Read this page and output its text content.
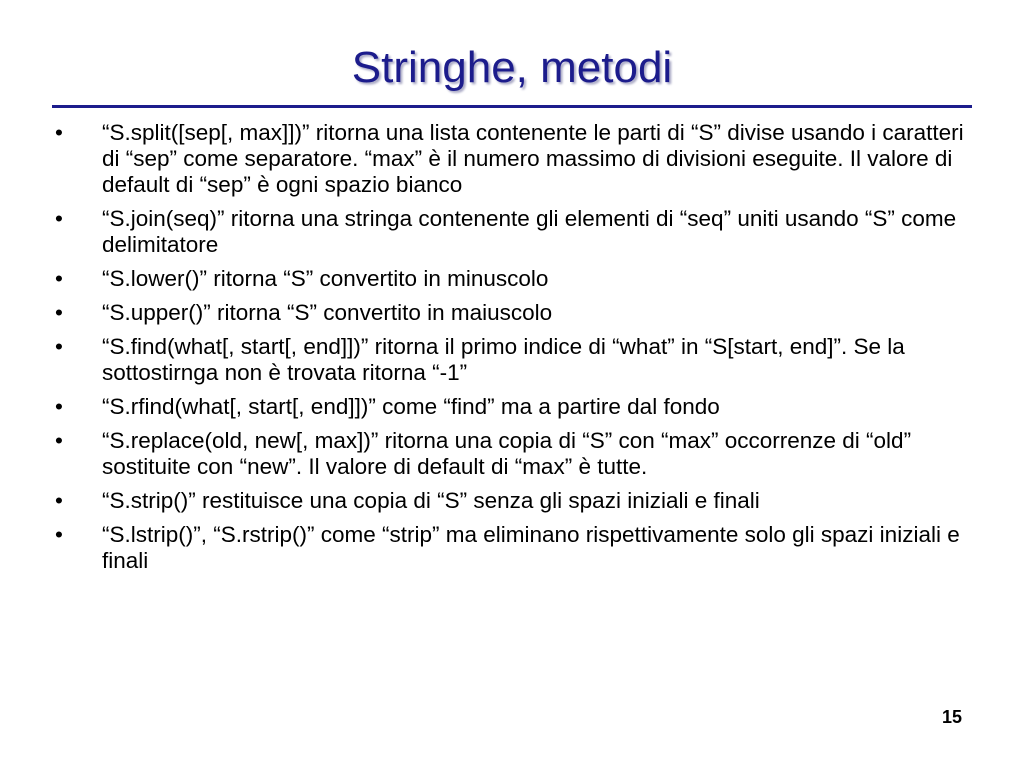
Stringhe, metodi
• “S.split([sep[, max]])” ritorna una lista contenente le parti di “S” divise usando i caratteri di “sep” come separatore. “max” è il numero massimo di divisioni eseguite. Il valore di default di “sep” è ogni spazio bianco
• “S.join(seq)” ritorna una stringa contenente gli elementi di “seq” uniti usando “S” come delimitatore
• “S.lower()” ritorna “S” convertito in minuscolo
• “S.upper()” ritorna “S” convertito in maiuscolo
• “S.find(what[, start[, end]])” ritorna il primo indice di “what” in “S[start, end]”. Se la sottostirnga non è trovata ritorna “-1”
• “S.rfind(what[, start[, end]])” come “find” ma a partire dal fondo
• “S.replace(old, new[, max])” ritorna una copia di “S” con “max” occorrenze di “old” sostituite con “new”. Il valore di default di “max” è tutte.
• “S.strip()” restituisce una copia di “S” senza gli spazi iniziali e finali
• “S.lstrip()”, “S.rstrip()” come “strip” ma eliminano rispettivamente solo gli spazi iniziali e finali
15
